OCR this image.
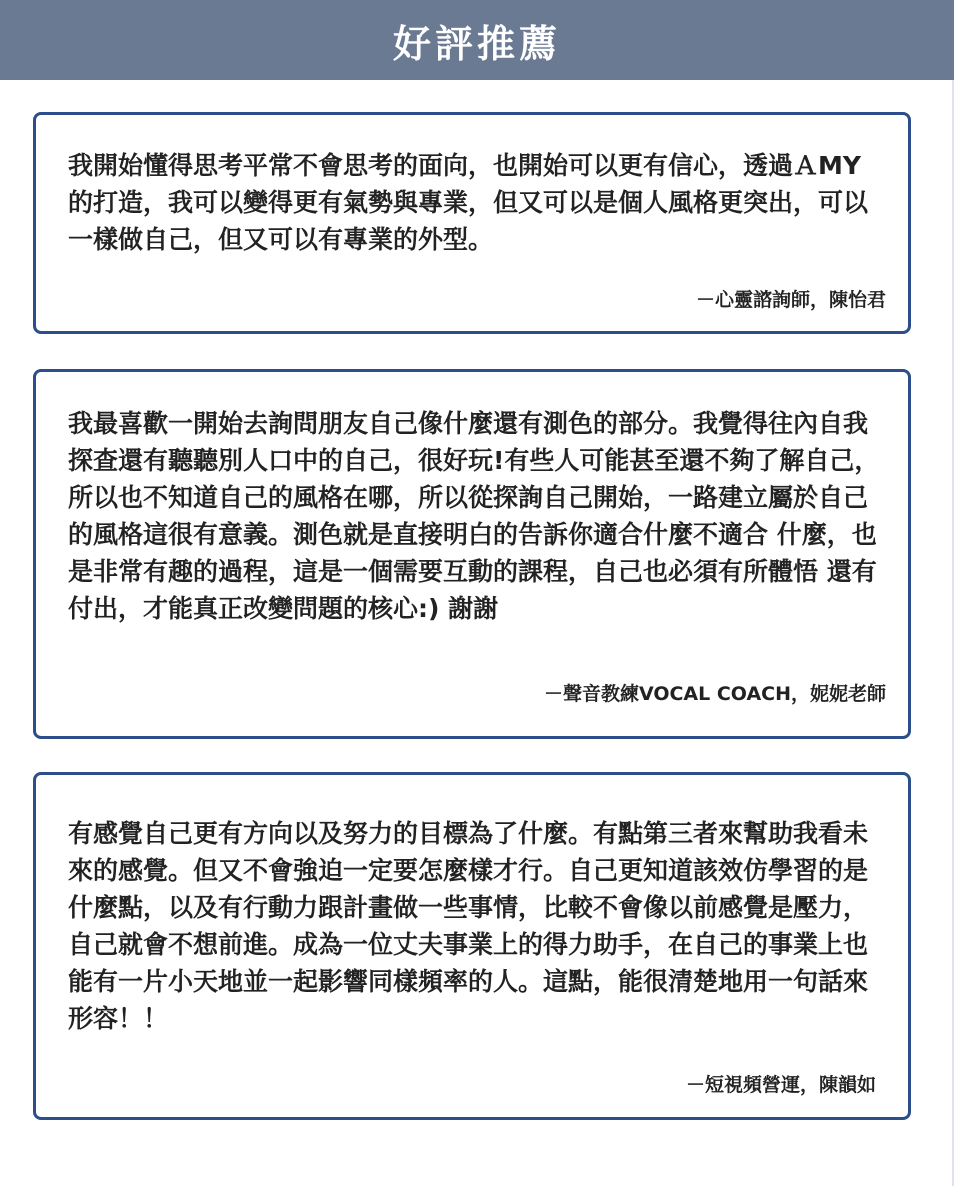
好評推薦

我開始懂得思考平常不會思考的面向，也開始可以更有信心，透過ＡMY的打造，我可以變得更有氣勢與專業，但又可以是個人風格更突出，可以一樣做自己，但又可以有專業的外型。

－心靈諮詢師，陳怡君

我最喜歡一開始去詢問朋友自己像什麼還有測色的部分。我覺得往內自我探查還有聽聽別人口中的自己，很好玩!有些人可能甚至還不夠了解自己，所以也不知道自己的風格在哪，所以從探詢自己開始，一路建立屬於自己的風格這很有意義。測色就是直接明白的告訴你適合什麼不適合 什麼，也是非常有趣的過程，這是一個需要互動的課程，自己也必須有所體悟 還有付出，才能真正改變問題的核心:) 謝謝

－聲音教練VOCAL COACH，妮妮老師

有感覺自己更有方向以及努力的目標為了什麼。有點第三者來幫助我看未來的感覺。但又不會強迫一定要怎麼樣才行。自己更知道該效仿學習的是什麼點，以及有行動力跟計畫做一些事情，比較不會像以前感覺是壓力，自己就會不想前進。成為一位丈夫事業上的得力助手，在自己的事業上也能有一片小天地並一起影響同樣頻率的人。這點，能很清楚地用一句話來形容！！

－短視頻營運，陳韻如
